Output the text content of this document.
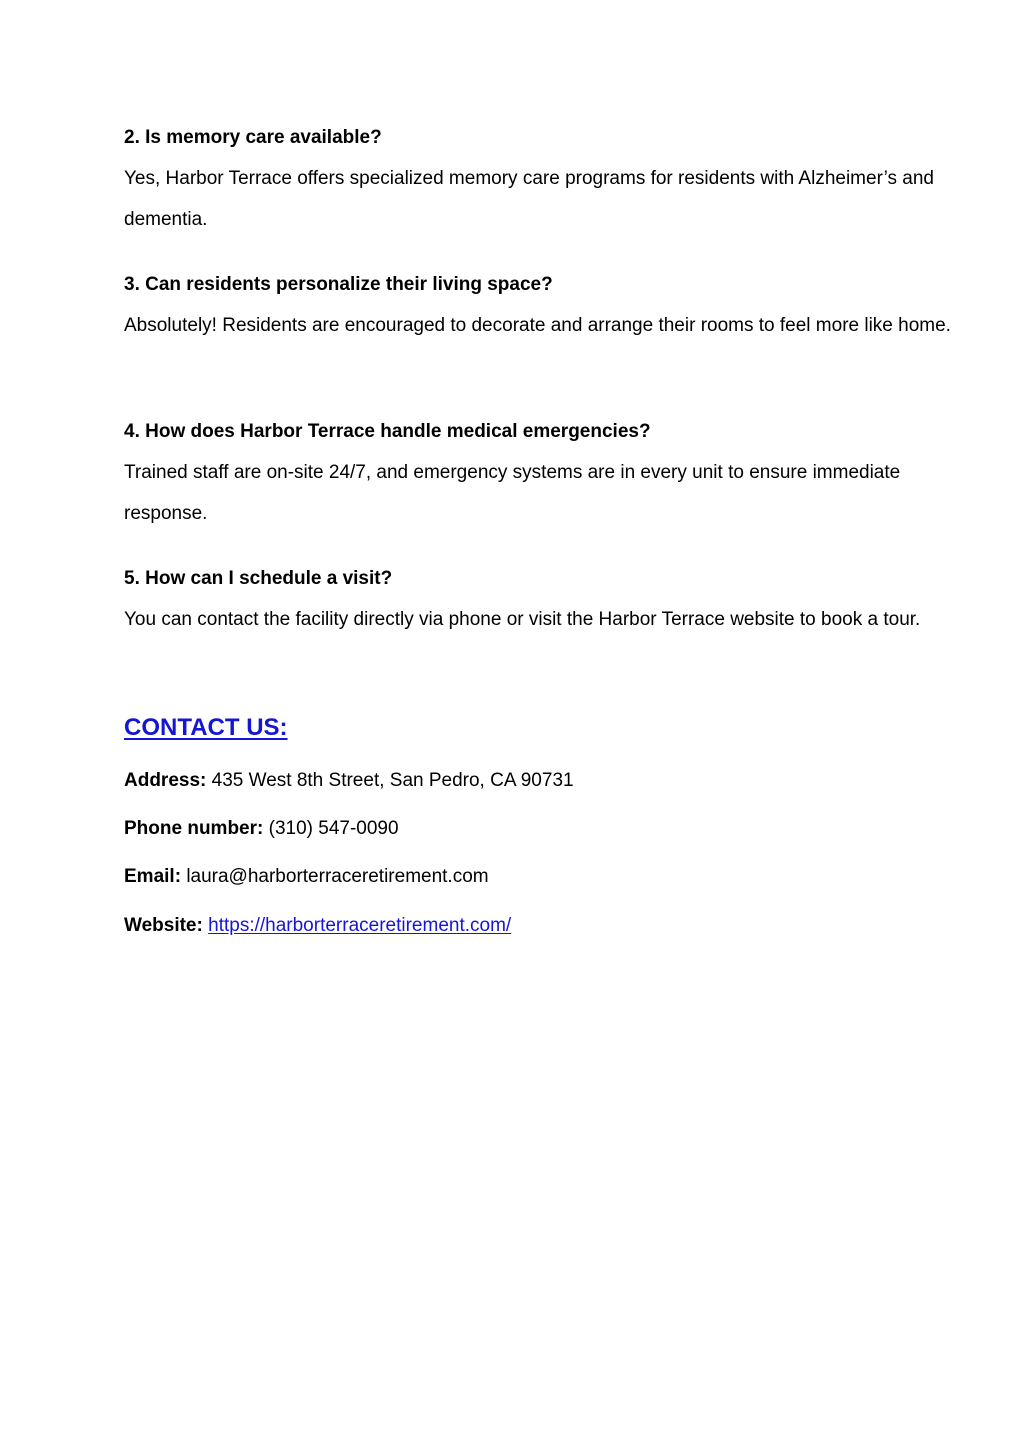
2. Is memory care available?

Yes, Harbor Terrace offers specialized memory care programs for residents with Alzheimer’s and dementia.

3. Can residents personalize their living space?

Absolutely! Residents are encouraged to decorate and arrange their rooms to feel more like home.

4. How does Harbor Terrace handle medical emergencies?

Trained staff are on-site 24/7, and emergency systems are in every unit to ensure immediate response.

5. How can I schedule a visit?

You can contact the facility directly via phone or visit the Harbor Terrace website to book a tour.

CONTACT US:
Address: 435 West 8th Street, San Pedro, CA 90731
Phone number: (310) 547-0090
Email: laura@harborterraceretirement.com
Website: https://harborterraceretirement.com/
